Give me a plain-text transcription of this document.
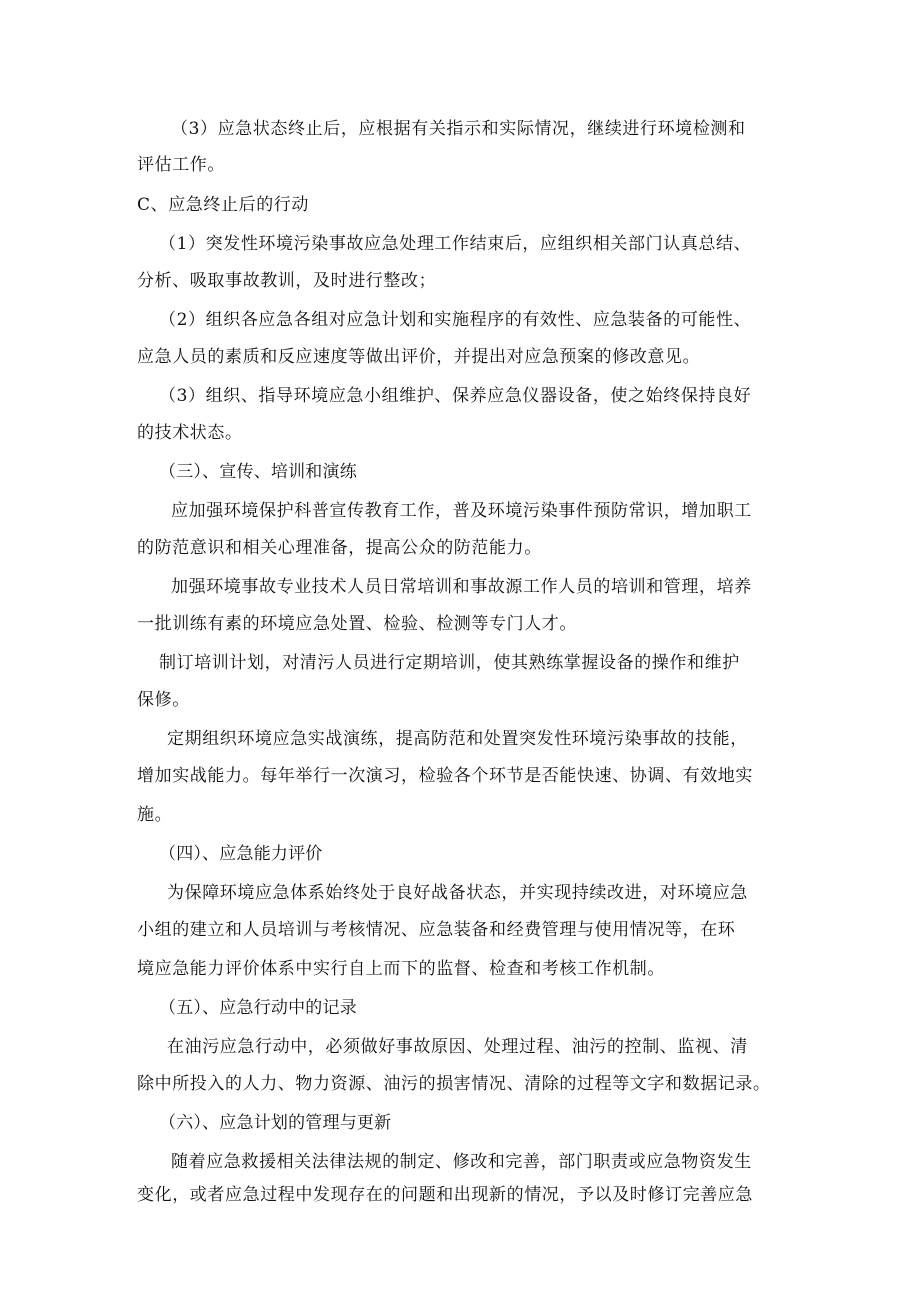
（3）应急状态终止后，应根据有关指示和实际情况，继续进行环境检测和
评估工作。
C、应急终止后的行动
（1）突发性环境污染事故应急处理工作结束后，应组织相关部门认真总结、
分析、吸取事故教训，及时进行整改；
（2）组织各应急各组对应急计划和实施程序的有效性、应急装备的可能性、
应急人员的素质和反应速度等做出评价，并提出对应急预案的修改意见。
（3）组织、指导环境应急小组维护、保养应急仪器设备，使之始终保持良好
的技术状态。
（三）、宣传、培训和演练
应加强环境保护科普宣传教育工作，普及环境污染事件预防常识，增加职工
的防范意识和相关心理准备，提高公众的防范能力。
加强环境事故专业技术人员日常培训和事故源工作人员的培训和管理，培养
一批训练有素的环境应急处置、检验、检测等专门人才。
制订培训计划，对清污人员进行定期培训，使其熟练掌握设备的操作和维护
保修。
定期组织环境应急实战演练，提高防范和处置突发性环境污染事故的技能，
增加实战能力。每年举行一次演习，检验各个环节是否能快速、协调、有效地实
施。
（四）、应急能力评价
为保障环境应急体系始终处于良好战备状态，并实现持续改进，对环境应急
小组的建立和人员培训与考核情况、应急装备和经费管理与使用情况等，在环
境应急能力评价体系中实行自上而下的监督、检查和考核工作机制。
（五）、应急行动中的记录
在油污应急行动中，必须做好事故原因、处理过程、油污的控制、监视、清
除中所投入的人力、物力资源、油污的损害情况、清除的过程等文字和数据记录。
（六）、应急计划的管理与更新
随着应急救援相关法律法规的制定、修改和完善，部门职责或应急物资发生
变化，或者应急过程中发现存在的问题和出现新的情况，予以及时修订完善应急
